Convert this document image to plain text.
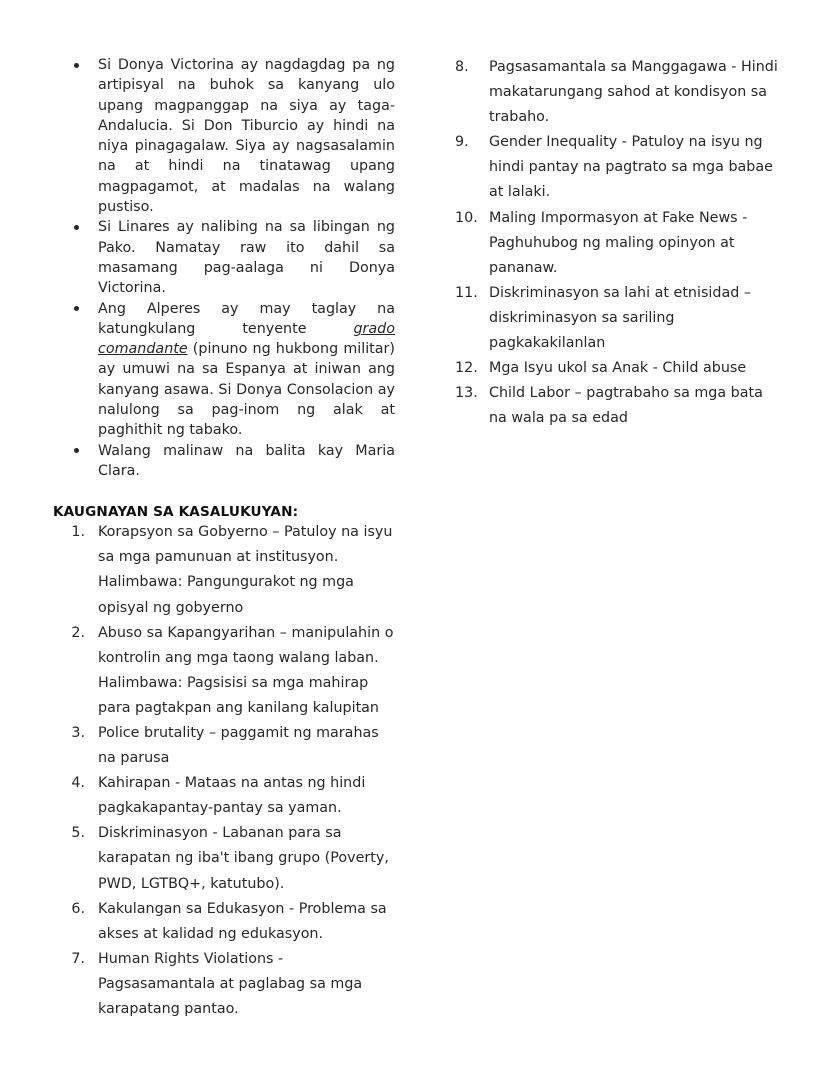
Si Donya Victorina ay nagdagdag pa ng artipisyal na buhok sa kanyang ulo upang magpanggap na siya ay taga-Andalucia. Si Don Tiburcio ay hindi na niya pinagagalaw. Siya ay nagsasalamin na at hindi na tinatawag upang magpagamot, at madalas na walang pustiso.
Si Linares ay nalibing na sa libingan ng Pako. Namatay raw ito dahil sa masamang pag-aalaga ni Donya Victorina.
Ang Alperes ay may taglay na katungkulang tenyente grado comandante (pinuno ng hukbong militar) ay umuwi na sa Espanya at iniwan ang kanyang asawa. Si Donya Consolacion ay nalulong sa pag-inom ng alak at paghithit ng tabako.
Walang malinaw na balita kay Maria Clara.
KAUGNAYAN SA KASALUKUYAN:
1. Korapsyon sa Gobyerno – Patuloy na isyu sa mga pamunuan at institusyon. Halimbawa: Pangungurakot ng mga opisyal ng gobyerno
2. Abuso sa Kapangyarihan – manipulahin o kontrolin ang mga taong walang laban. Halimbawa: Pagsisisi sa mga mahirap para pagtakpan ang kanilang kalupitan
3. Police brutality – paggamit ng marahas na parusa
4. Kahirapan - Mataas na antas ng hindi pagkakapantay-pantay sa yaman.
5. Diskriminasyon - Labanan para sa karapatan ng iba't ibang grupo (Poverty, PWD, LGTBQ+, katutubo).
6. Kakulangan sa Edukasyon - Problema sa akses at kalidad ng edukasyon.
7. Human Rights Violations - Pagsasamantala at paglabag sa mga karapatang pantao.
8.	Pagsasamantala sa Manggagawa - Hindi makatarungang sahod at kondisyon sa trabaho.
9.	Gender Inequality - Patuloy na isyu ng hindi pantay na pagtrato sa mga babae at lalaki.
10. Maling Impormasyon at Fake News - Paghuhubog ng maling opinyon at pananaw.
11. Diskriminasyon sa lahi at etnisidad – diskriminasyon sa sariling pagkakakilanlan
12. Mga Isyu ukol sa Anak - Child abuse
13. Child Labor – pagtrabaho sa mga bata na wala pa sa edad
